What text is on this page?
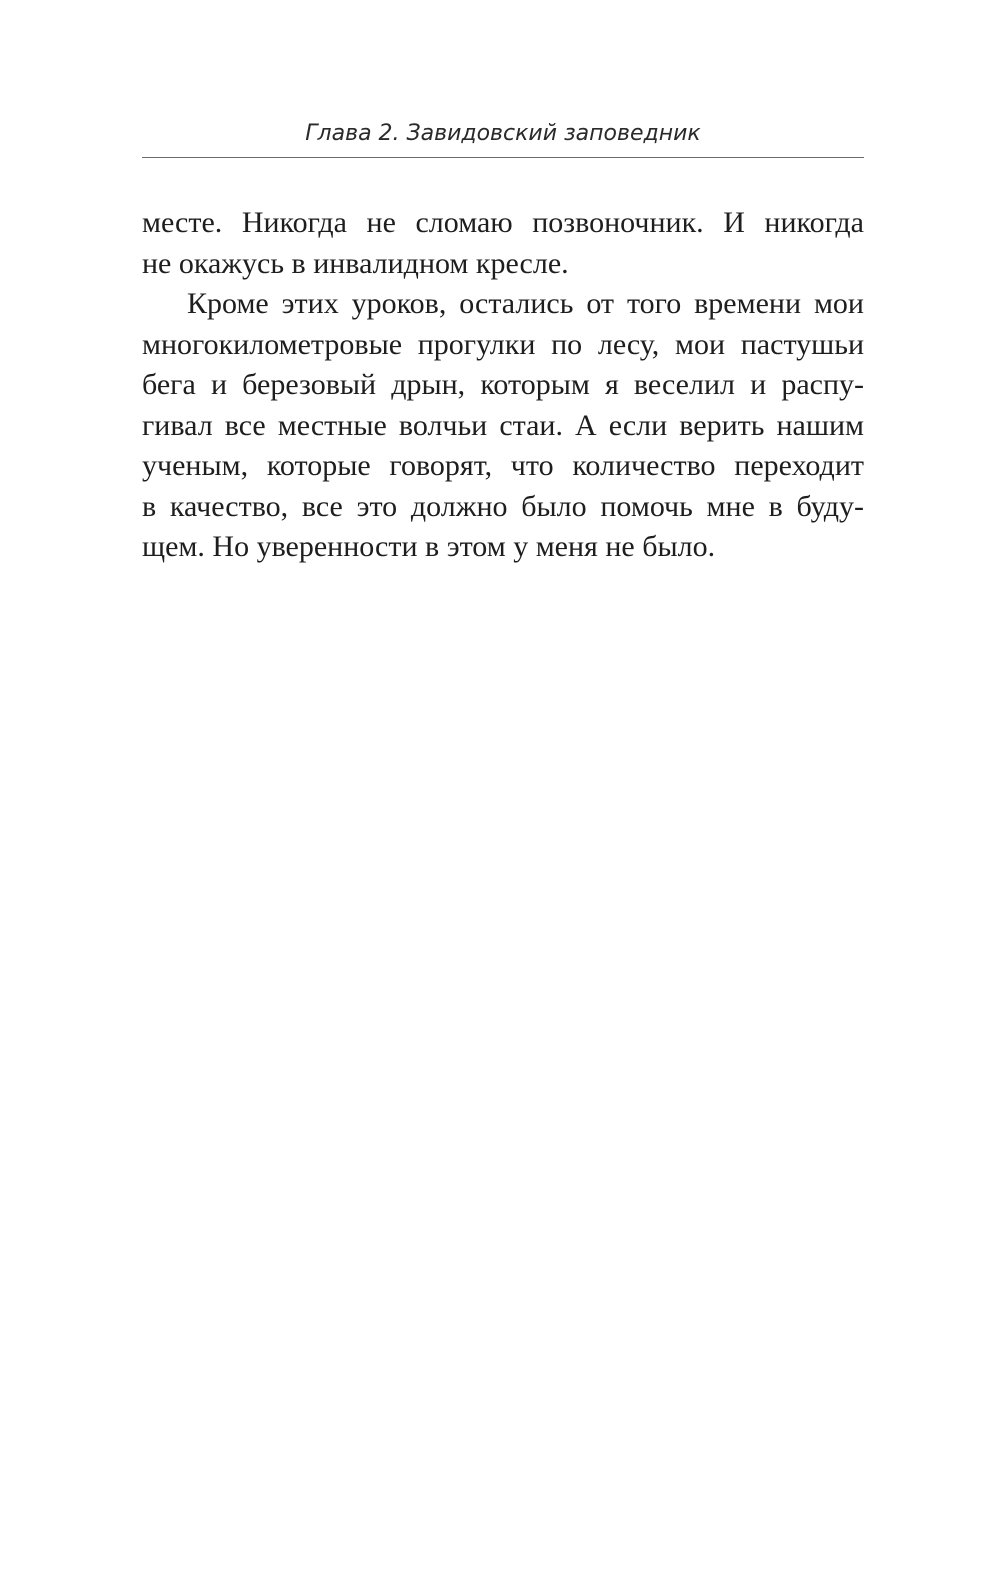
Глава 2. Завидовский заповедник
месте. Никогда не сломаю позвоночник. И никогда
не окажусь в инвалидном кресле.
Кроме этих уроков, остались от того времени мои
многокилометровые прогулки по лесу, мои пастушьи
бега и березовый дрын, которым я веселил и распу-
гивал все местные волчьи стаи. А если верить нашим
ученым, которые говорят, что количество переходит
в качество, все это должно было помочь мне в буду-
щем. Но уверенности в этом у меня не было.
